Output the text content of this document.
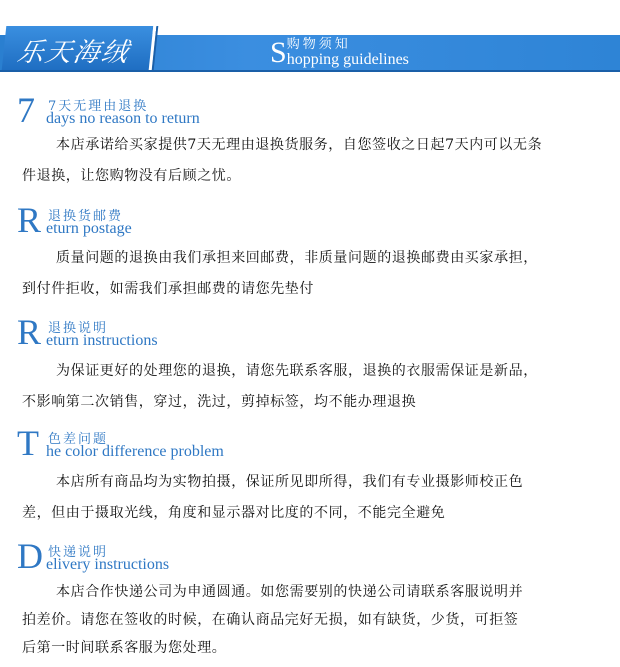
乐天海绒	S 购物须知
hopping guidelines
7 7天无理由退换
days no reason to return

本店承诺给买家提供7天无理由退换货服务，自您签收之日起7天内可以无条

件退换，让您购物没有后顾之忧。

R 退换货邮费
eturn postage

质量问题的退换由我们承担来回邮费，非质量问题的退换邮费由买家承担，

到付件拒收，如需我们承担邮费的请您先垫付

R 退换说明
eturn instructions

为保证更好的处理您的退换，请您先联系客服，退换的衣服需保证是新品，

不影响第二次销售，穿过，洗过，剪掉标签，均不能办理退换

T 色差问题
he color difference problem

本店所有商品均为实物拍摄，保证所见即所得，我们有专业摄影师校正色

差，但由于摄取光线，角度和显示器对比度的不同，不能完全避免

D 快递说明
elivery instructions

本店合作快递公司为申通圆通。如您需要别的快递公司请联系客服说明并

拍差价。请您在签收的时候，在确认商品完好无损，如有缺货，少货，可拒签

后第一时间联系客服为您处理。
